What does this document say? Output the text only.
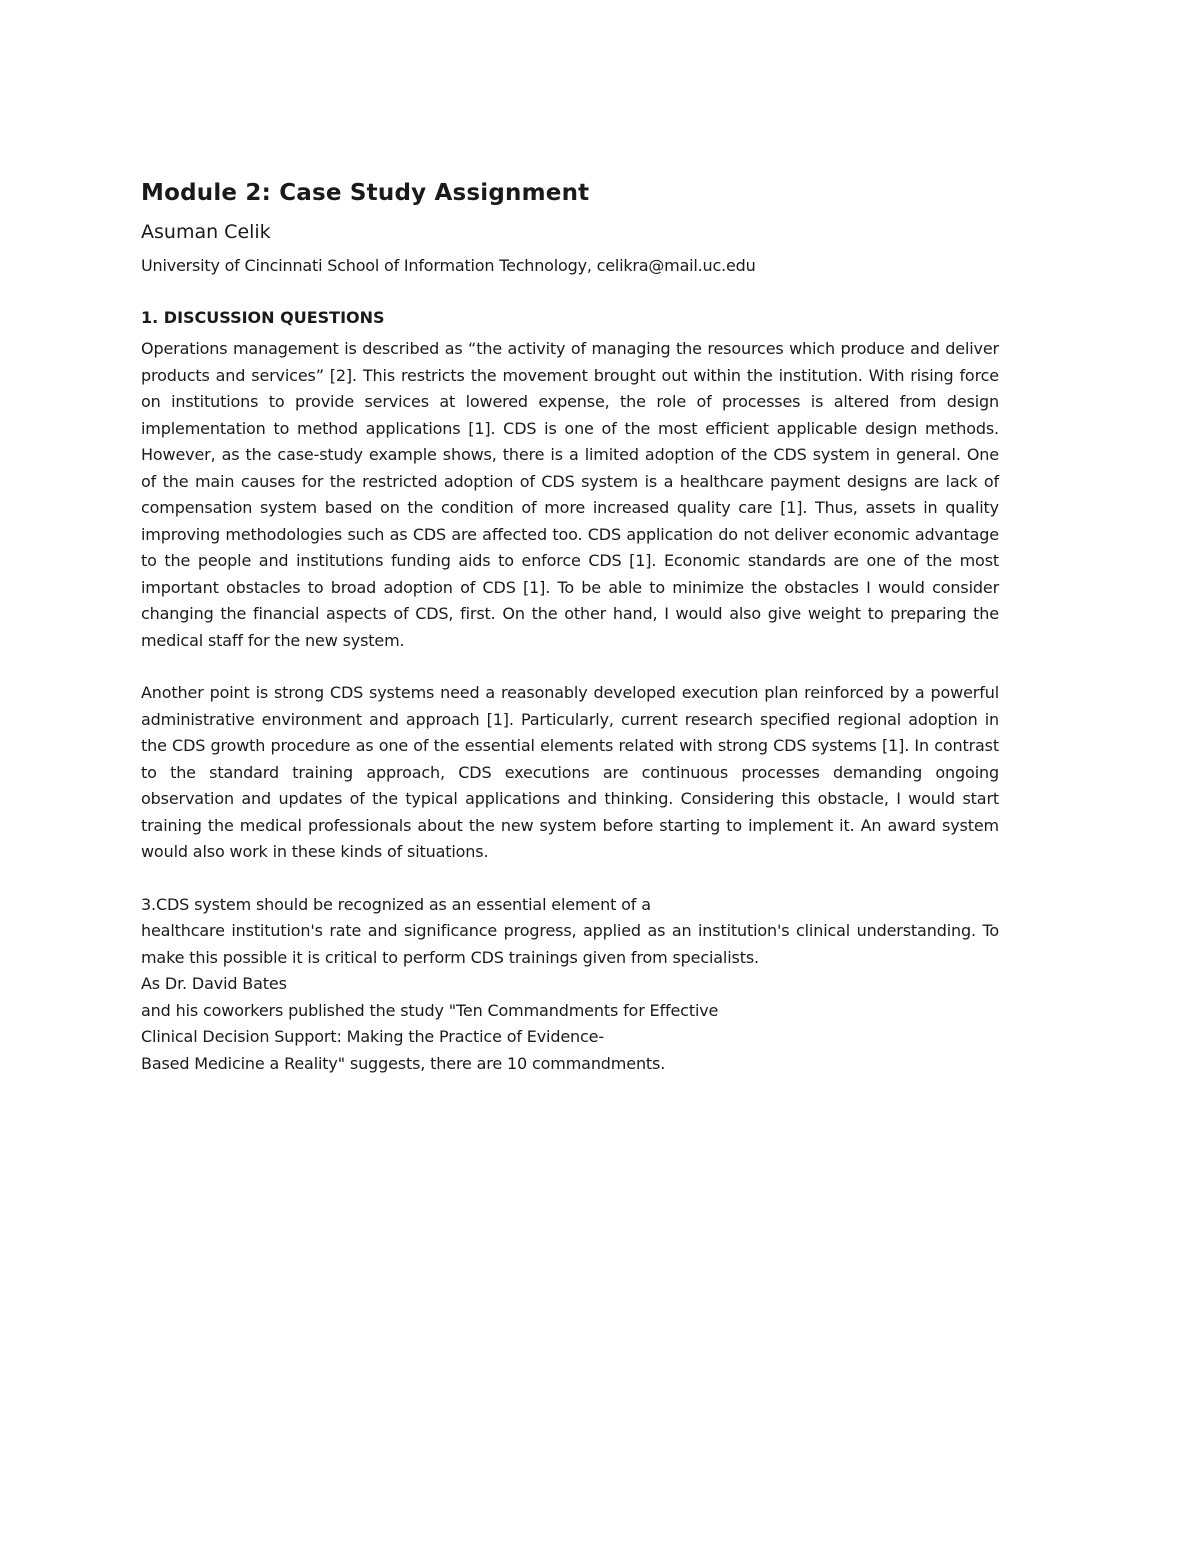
Module 2: Case Study Assignment
Asuman Celik
University of Cincinnati School of Information Technology, celikra@mail.uc.edu
1. DISCUSSION QUESTIONS

Operations management is described as “the activity of managing the resources which produce and deliver products and services” [2]. This restricts the movement brought out within the institution. With rising force on institutions to provide services at lowered expense, the role of processes is altered from design implementation to method applications [1]. CDS is one of the most efficient applicable design methods. However, as the case-study example shows, there is a limited adoption of the CDS system in general. One of the main causes for the restricted adoption of CDS system is a healthcare payment designs are lack of compensation system based on the condition of more increased quality care [1]. Thus, assets in quality improving methodologies such as CDS are affected too. CDS application do not deliver economic advantage to the people and institutions funding aids to enforce CDS [1]. Economic standards are one of the most important obstacles to broad adoption of CDS [1]. To be able to minimize the obstacles I would consider changing the financial aspects of CDS, first. On the other hand, I would also give weight to preparing the medical staff for the new system.

Another point is strong CDS systems need a reasonably developed execution plan reinforced by a powerful administrative environment and approach [1]. Particularly, current research specified regional adoption in the CDS growth procedure as one of the essential elements related with strong CDS systems [1]. In contrast to the standard training approach, CDS executions are continuous processes demanding ongoing observation and updates of the typical applications and thinking. Considering this obstacle, I would start training the medical professionals about the new system before starting to implement it. An award system would also work in these kinds of situations.

3.CDS system should be recognized as an essential element of a
healthcare institution's rate and significance progress, applied as an institution's clinical understanding. To make this possible it is critical to perform CDS trainings given from specialists.
As Dr. David Bates
and his coworkers published the study "Ten Commandments for Effective
Clinical Decision Support: Making the Practice of Evidence-
Based Medicine a Reality" suggests, there are 10 commandments.
